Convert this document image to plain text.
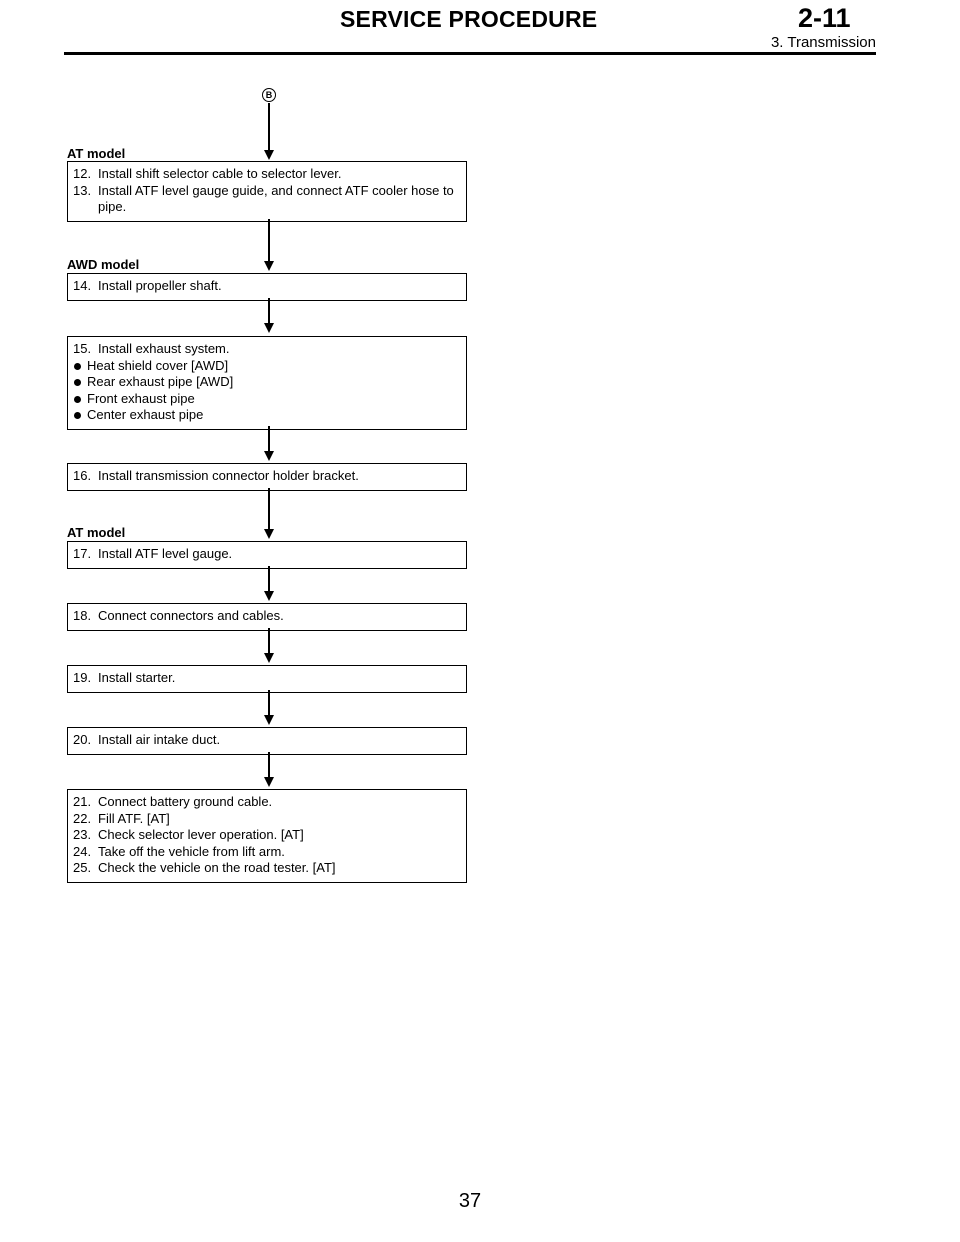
SERVICE PROCEDURE	2-11
3. Transmission
B
AT model
12. Install shift selector cable to selector lever.
13. Install ATF level gauge guide, and connect ATF cooler hose to pipe.
AWD model
14. Install propeller shaft.
15. Install exhaust system.
Heat shield cover [AWD]
Rear exhaust pipe [AWD]
Front exhaust pipe
Center exhaust pipe
16. Install transmission connector holder bracket.
AT model
17. Install ATF level gauge.
18. Connect connectors and cables.
19. Install starter.
20. Install air intake duct.
21. Connect battery ground cable.
22. Fill ATF. [AT]
23. Check selector lever operation. [AT]
24. Take off the vehicle from lift arm.
25. Check the vehicle on the road tester. [AT]
37
